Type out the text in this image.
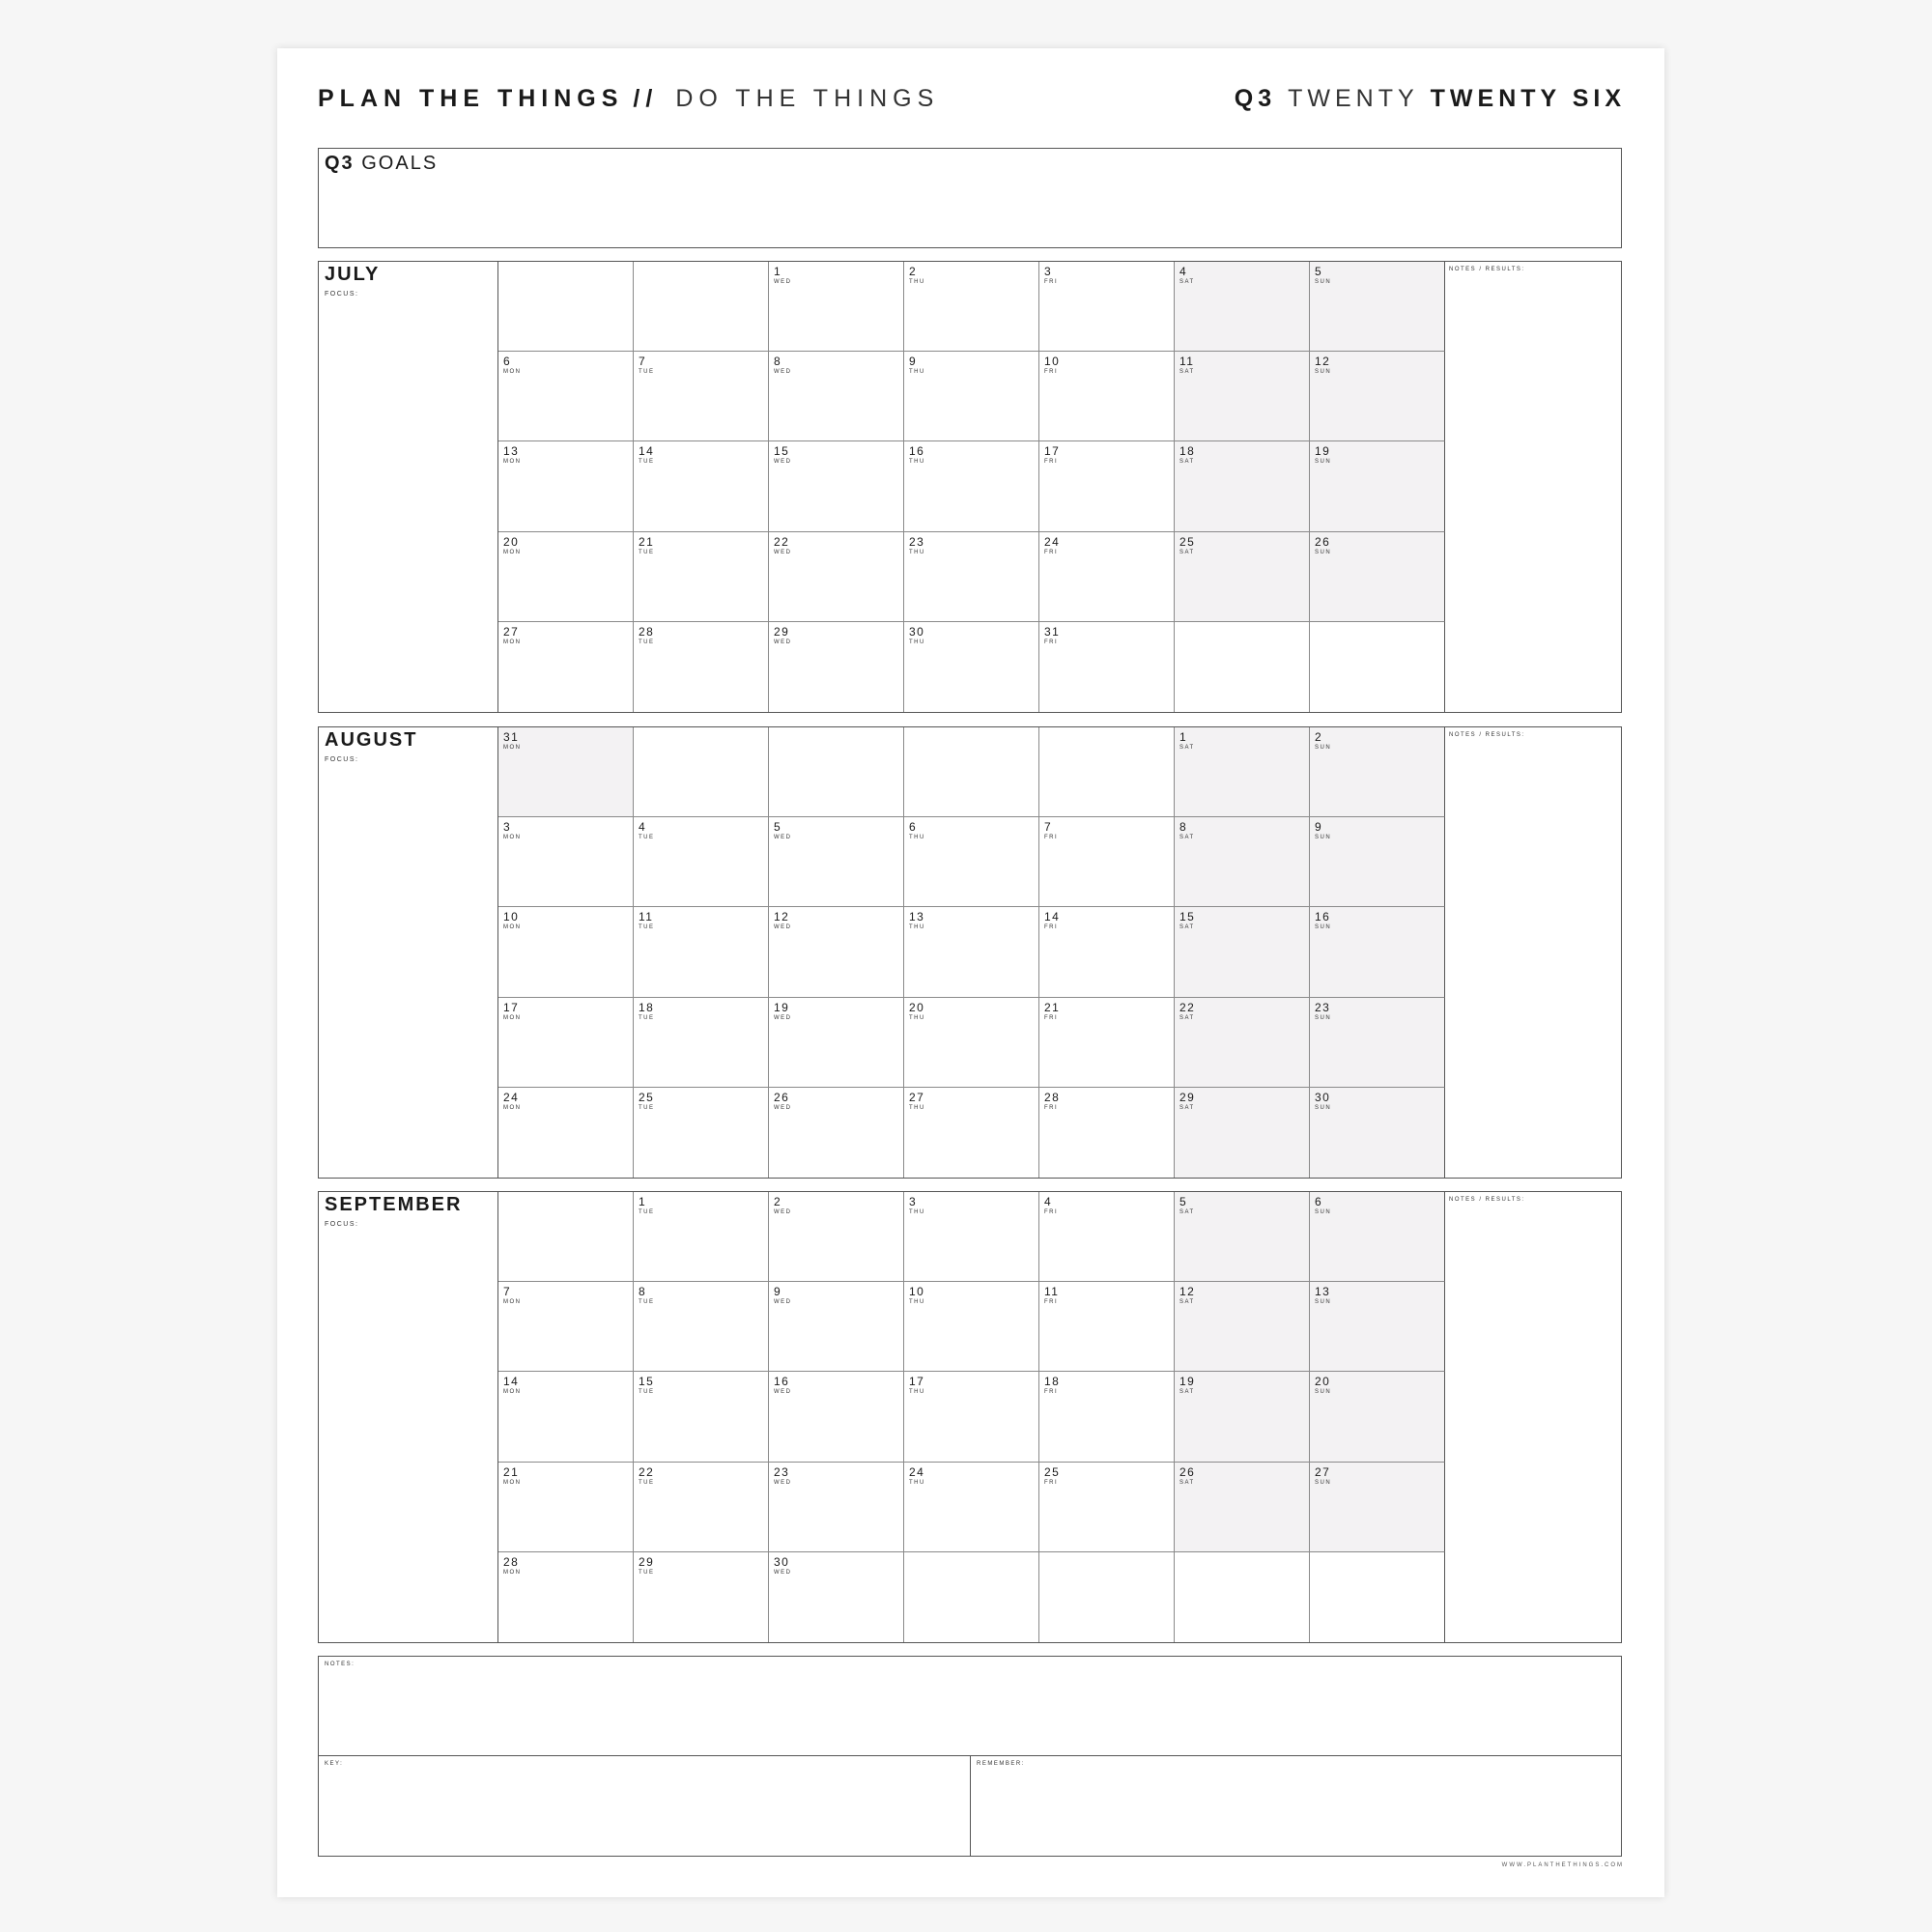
PLAN THE THINGS // DO THE THINGS	Q3 TWENTY TWENTY SIX
Q3 GOALS
JULY
FOCUS:
1
WED
2
THU
3
FRI
4
SAT
5
SUN
6
MON
7
TUE
8
WED
9
THU
10
FRI
11
SAT
12
SUN
13
MON
14
TUE
15
WED
16
THU
17
FRI
18
SAT
19
SUN
20
MON
21
TUE
22
WED
23
THU
24
FRI
25
SAT
26
SUN
27
MON
28
TUE
29
WED
30
THU
31
FRI
NOTES / RESULTS:
AUGUST
FOCUS:
31
MON
1
SAT
2
SUN
3
MON
4
TUE
5
WED
6
THU
7
FRI
8
SAT
9
SUN
10
MON
11
TUE
12
WED
13
THU
14
FRI
15
SAT
16
SUN
17
MON
18
TUE
19
WED
20
THU
21
FRI
22
SAT
23
SUN
24
MON
25
TUE
26
WED
27
THU
28
FRI
29
SAT
30
SUN
NOTES / RESULTS:
SEPTEMBER
FOCUS:
1
TUE
2
WED
3
THU
4
FRI
5
SAT
6
SUN
7
MON
8
TUE
9
WED
10
THU
11
FRI
12
SAT
13
SUN
14
MON
15
TUE
16
WED
17
THU
18
FRI
19
SAT
20
SUN
21
MON
22
TUE
23
WED
24
THU
25
FRI
26
SAT
27
SUN
28
MON
29
TUE
30
WED
NOTES / RESULTS:
NOTES:
KEY:	REMEMBER:
WWW.PLANTHETHINGS.COM
